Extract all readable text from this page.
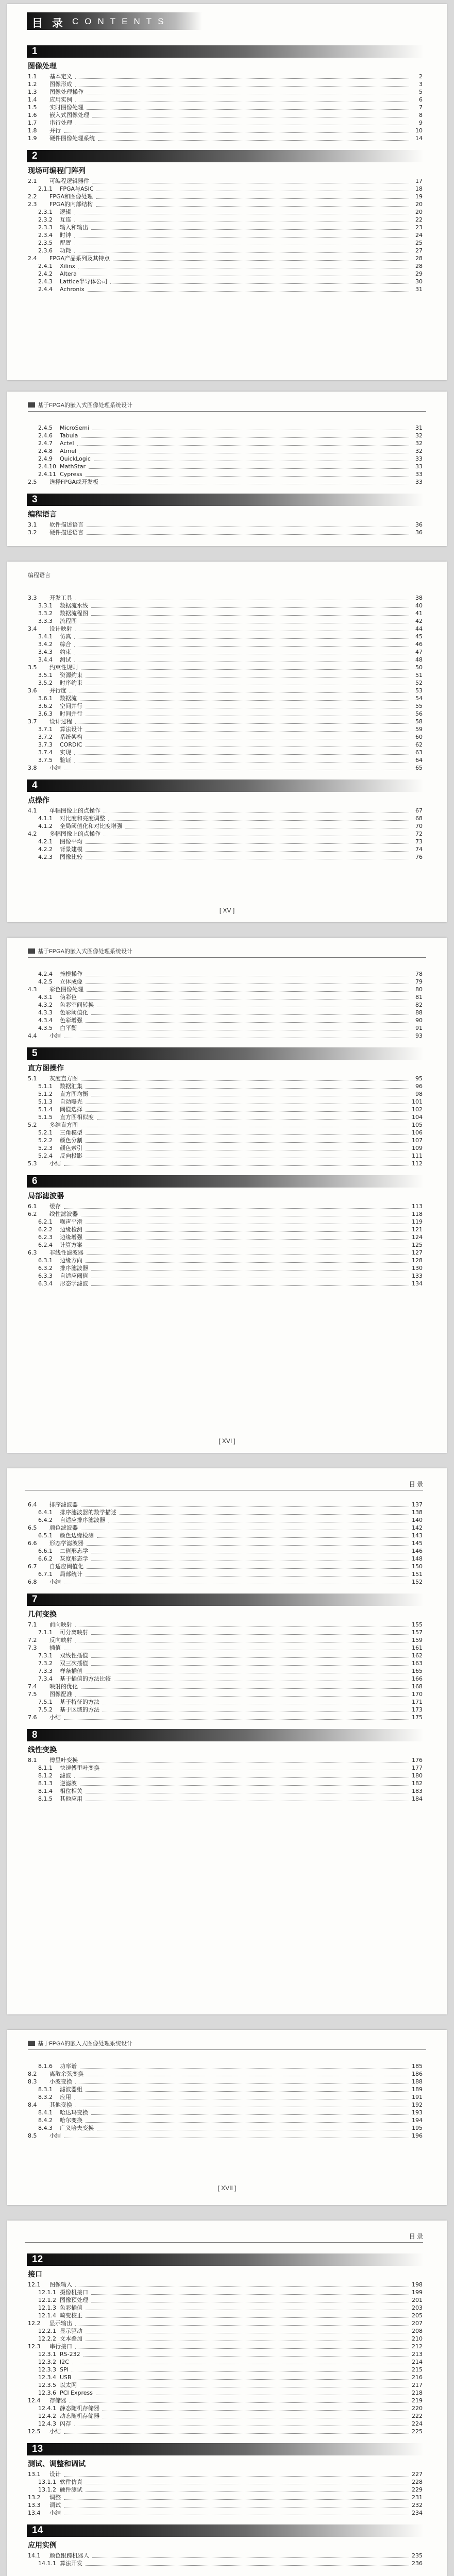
目 录 CONTENTS
1
图像处理
1.1	基本定义	2
1.2	图像形成	3
1.3	图像处理操作	5
1.4	应用实例	6
1.5	实时图像处理	7
1.6	嵌入式图像处理	8
1.7	串行处理	9
1.8	并行	10
1.9	硬件图像处理系统	14
2
现场可编程门阵列
2.1	可编程逻辑器件	17
2.1.1	FPGA与ASIC	18
2.2	FPGA和图像处理	19
2.3	FPGA的内部结构	20
2.3.1	逻辑	20
2.3.2	互连	22
2.3.3	输入和输出	23
2.3.4	时钟	24
2.3.5	配置	25
2.3.6	功耗	27
2.4	FPGA产品系列及其特点	28
2.4.1	Xilinx	28
2.4.2	Altera	29
2.4.3	Lattice半导体公司	30
2.4.4	Achronix	31
基于FPGA的嵌入式图像处理系统设计
2.4.5	MicroSemi	31
2.4.6	Tabula	32
2.4.7	Actel	32
2.4.8	Atmel	32
2.4.9	QuickLogic	33
2.4.10 MathStar	33
2.4.11 Cypress	33
2.5	选择FPGA或开发板	33
3
编程语言
3.1	软件描述语言	36
3.2	硬件描述语言	36
编程语言
3.3	开发工具	38
3.3.1	数据流水线	40
3.3.2	数据流程图	41
3.3.3	流程图	42
3.4	设计映射	44
3.4.1	仿真	45
3.4.2	综合	46
3.4.3	约束	47
3.4.4	测试	48
3.5	约束性规则	50
3.5.1	资源约束	51
3.5.2	时序约束	52
3.6	并行度	53
3.6.1	数据流	54
3.6.2	空间并行	55
3.6.3	时间并行	56
3.7	设计过程	58
3.7.1	算法设计	59
3.7.2	系统架构	60
3.7.3	CORDIC	62
3.7.4	实现	63
3.7.5	验证	64
3.8	小结	65
4
点操作
4.1	单幅图像上的点操作	67
4.1.1	对比度和亮度调整	68
4.1.2	全局阈值化和对比度增强	70
4.2	多幅图像上的点操作	72
4.2.1	图像平均	73
4.2.2	背景建模	74
4.2.3	图像比较	76
[ XV ]
基于FPGA的嵌入式图像处理系统设计
4.2.4	掩模操作	78
4.2.5	立体成像	79
4.3	彩色图像处理	80
4.3.1	伪彩色	81
4.3.2	色彩空间转换	82
4.3.3	色彩阈值化	88
4.3.4	色彩增强	90
4.3.5	白平衡	91
4.4	小结	93
5
直方图操作
5.1	灰度直方图	95
5.1.1	数据汇集	96
5.1.2	直方图均衡	98
5.1.3	自动曝光	101
5.1.4	阈值选择	102
5.1.5	直方图相似度	104
5.2	多维直方图	105
5.2.1	三角模型	106
5.2.2	颜色分割	107
5.2.3	颜色索引	109
5.2.4	反向投影	111
5.3	小结	112
6
局部滤波器
6.1	缓存	113
6.2	线性滤波器	118
6.2.1	噪声平滑	119
6.2.2	边缘检测	121
6.2.3	边缘增强	124
6.2.4	计算方案	125
6.3	非线性滤波器	127
6.3.1	边缘方向	128
6.3.2	排序滤波器	130
6.3.3	自适应阈值	133
6.3.4	形态学滤波	134
[ XVI ]
目 录
6.4	排序滤波器	137
6.4.1	排序滤波器的数学描述	138
6.4.2	自适应排序滤波器	140
6.5	颜色滤波器	142
6.5.1	颜色边缘检测	143
6.6	形态学滤波器	145
6.6.1	二值形态学	146
6.6.2	灰度形态学	148
6.7	自适应阈值化	150
6.7.1	局部统计	151
6.8	小结	152
7
几何变换
7.1	前向映射	155
7.1.1	可分离映射	157
7.2	反向映射	159
7.3	插值	161
7.3.1	双线性插值	162
7.3.2	双三次插值	163
7.3.3	样条插值	165
7.3.4	基于插值的方法比较	166
7.4	映射的优化	168
7.5	图像配准	170
7.5.1	基于特征的方法	171
7.5.2	基于区域的方法	173
7.6	小结	175
8
线性变换
8.1	傅里叶变换	176
8.1.1	快速傅里叶变换	177
8.1.2	滤波	180
8.1.3	逆滤波	182
8.1.4	相位相关	183
8.1.5	其他应用	184
基于FPGA的嵌入式图像处理系统设计
8.1.6	功率谱	185
8.2	离散余弦变换	186
8.3	小波变换	188
8.3.1	滤波器组	189
8.3.2	应用	191
8.4	其他变换	192
8.4.1	哈达玛变换	193
8.4.2	哈尔变换	194
8.4.3	广义哈夫变换	195
8.5	小结	196
[ XVII ]
目 录
12
接口
12.1	图像输入	198
12.1.1 摄像机接口	199
12.1.2 图像预处理	201
12.1.3 色彩插值	203
12.1.4 畸变校正	205
12.2	显示输出	207
12.2.1 显示驱动	208
12.2.2 文本叠加	210
12.3	串行接口	212
12.3.1 RS-232	213
12.3.2 I2C	214
12.3.3 SPI	215
12.3.4 USB	216
12.3.5 以太网	217
12.3.6 PCI Express	218
12.4	存储器	219
12.4.1 静态随机存储器	220
12.4.2 动态随机存储器	222
12.4.3 闪存	224
12.5	小结	225
13
测试、调整和调试
13.1	设计	227
13.1.1 软件仿真	228
13.1.2 硬件测试	229
13.2	调整	231
13.3	调试	232
13.4	小结	234
14
应用实例
14.1	颜色跟踪机器人	235
14.1.1 算法开发	236
